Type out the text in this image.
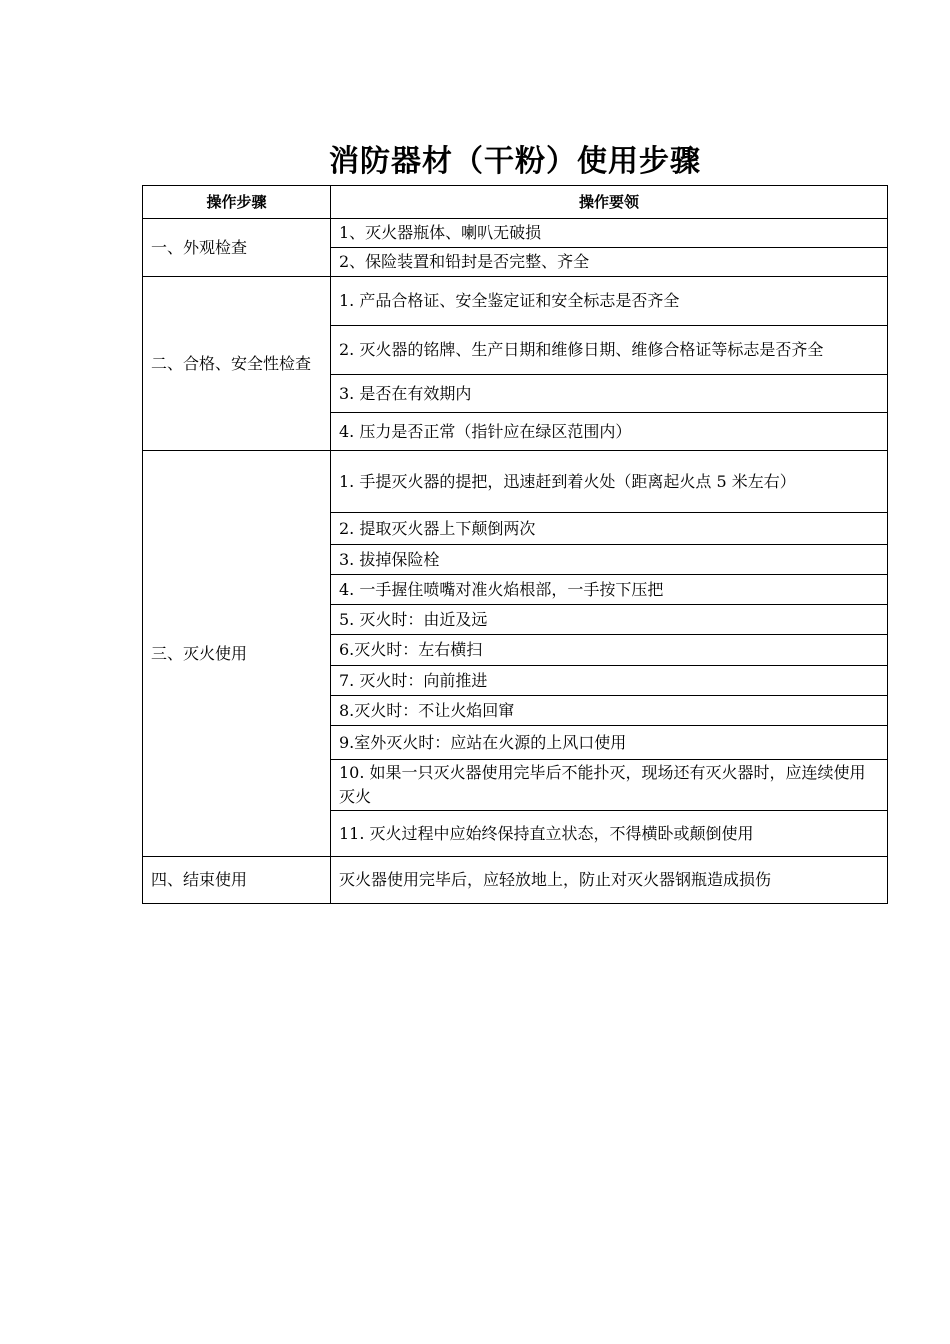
消防器材（干粉）使用步骤
操作步骤	操作要领
一、外观检查	1、灭火器瓶体、喇叭无破损
	2、保险装置和铅封是否完整、齐全
二、合格、安全性检查	1. 产品合格证、安全鉴定证和安全标志是否齐全
	2. 灭火器的铭牌、生产日期和维修日期、维修合格证等标志是否齐全
	3. 是否在有效期内
	4. 压力是否正常（指针应在绿区范围内）
三、灭火使用	1. 手提灭火器的提把，迅速赶到着火处（距离起火点 5 米左右）
	2. 提取灭火器上下颠倒两次
	3. 拔掉保险栓
	4. 一手握住喷嘴对准火焰根部，一手按下压把
	5. 灭火时：由近及远
	6.灭火时：左右横扫
	7. 灭火时：向前推进
	8.灭火时：不让火焰回窜
	9.室外灭火时：应站在火源的上风口使用
	10. 如果一只灭火器使用完毕后不能扑灭，现场还有灭火器时，应连续使用灭火
	11. 灭火过程中应始终保持直立状态，不得横卧或颠倒使用
四、结束使用	灭火器使用完毕后，应轻放地上，防止对灭火器钢瓶造成损伤
